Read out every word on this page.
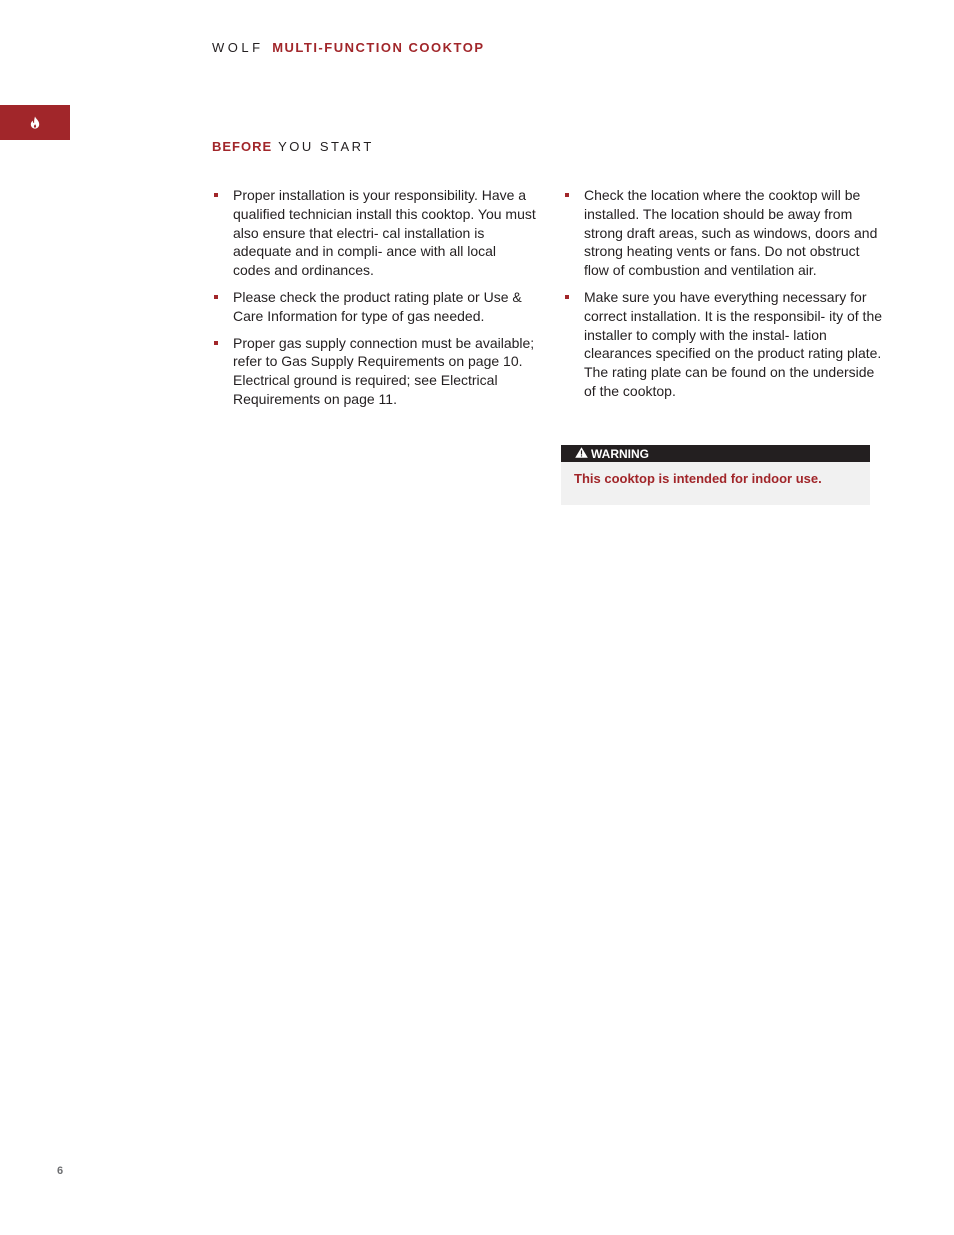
WOLF MULTI-FUNCTION COOKTOP
BEFORE YOU START
Proper installation is your responsibility. Have a qualified technician install this cooktop. You must also ensure that electri- cal installation is adequate and in compli- ance with all local codes and ordinances.
Please check the product rating plate or Use & Care Information for type of gas needed.
Proper gas supply connection must be available; refer to Gas Supply Requirements on page 10. Electrical ground is required; see Electrical Requirements on page 11.
Check the location where the cooktop will be installed. The location should be away from strong draft areas, such as windows, doors and strong heating vents or fans. Do not obstruct flow of combustion and ventilation air.
Make sure you have everything necessary for correct installation. It is the responsibil- ity of the installer to comply with the instal- lation clearances specified on the product rating plate. The rating plate can be found on the underside of the cooktop.
WARNING
This cooktop is intended for indoor use.
6
